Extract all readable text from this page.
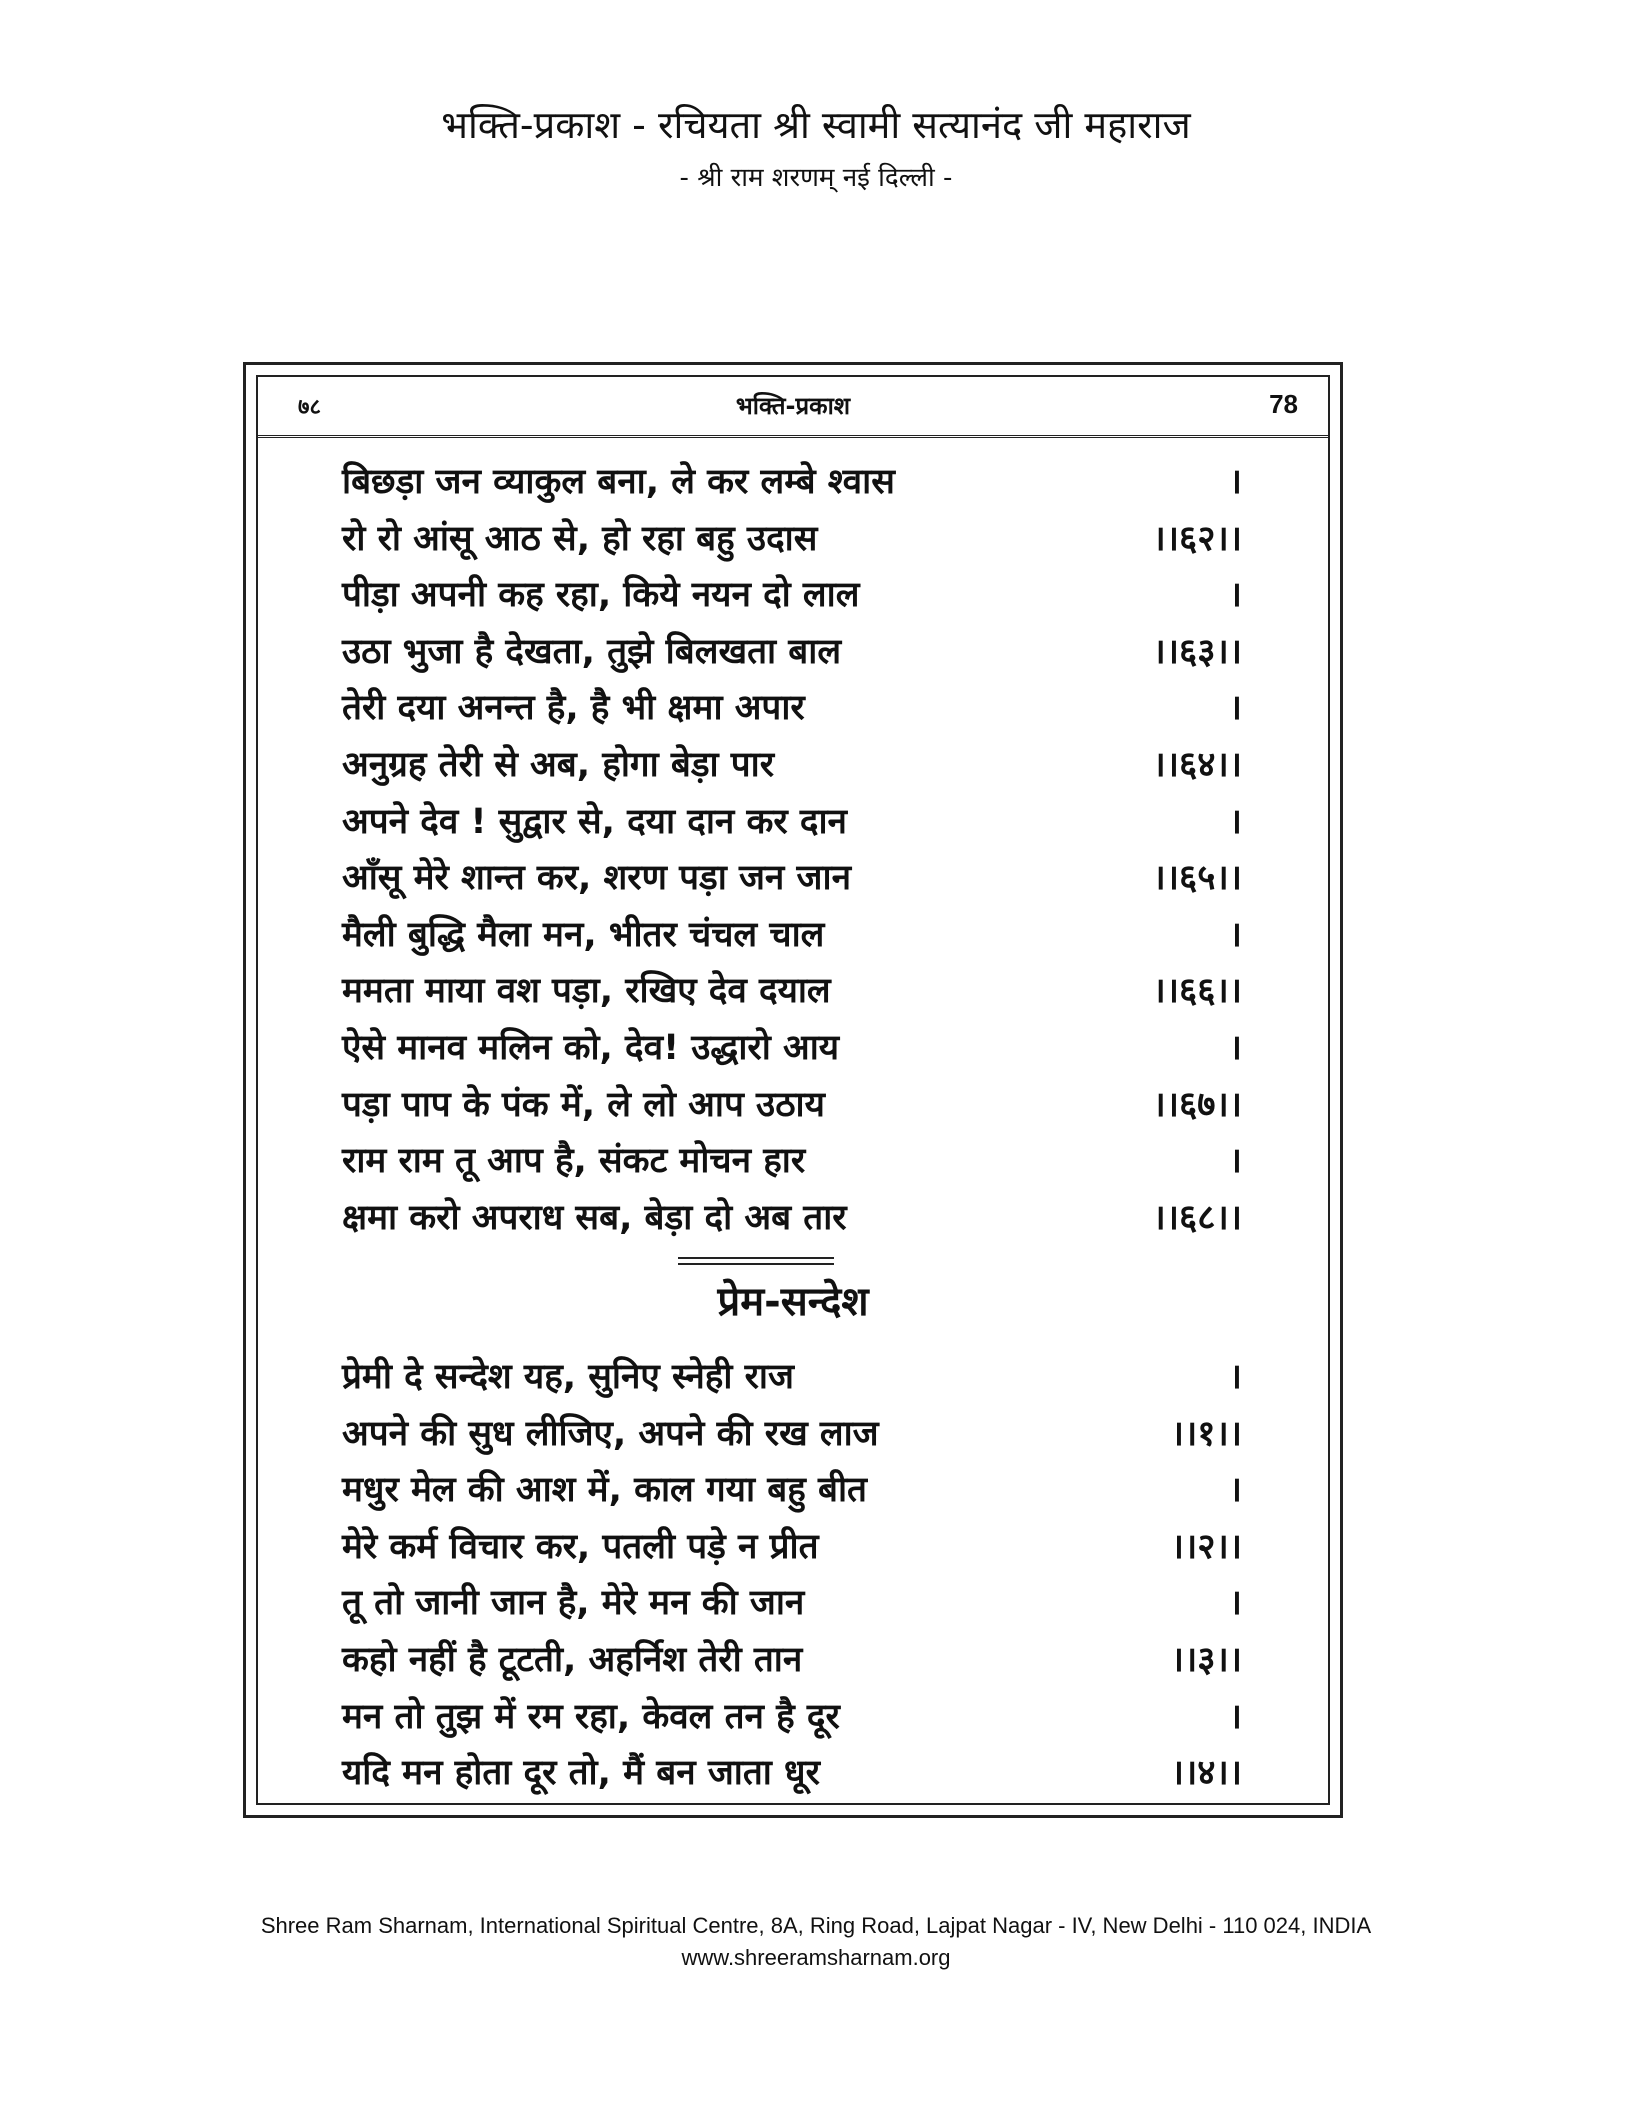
भक्ति-प्रकाश - रचियता श्री स्वामी सत्यानंद जी महाराज
- श्री राम शरणम् नई दिल्ली -
७८	भक्ति-प्रकाश	78
बिछड़ा जन व्याकुल बना, ले कर लम्बे श्वास	।
रो रो आंसू आठ से, हो रहा बहु उदास	।।६२।।
पीड़ा अपनी कह रहा, किये नयन दो लाल	।
उठा भुजा है देखता, तुझे बिलखता बाल	।।६३।।
तेरी दया अनन्त है, है भी क्षमा अपार	।
अनुग्रह तेरी से अब, होगा बेड़ा पार	।।६४।।
अपने देव ! सुद्वार से, दया दान कर दान	।
आँसू मेरे शान्त कर, शरण पड़ा जन जान	।।६५।।
मैली बुद्धि मैला मन, भीतर चंचल चाल	।
ममता माया वश पड़ा, रखिए देव दयाल	।।६६।।
ऐसे मानव मलिन को, देव! उद्धारो आय	।
पड़ा पाप के पंक में, ले लो आप उठाय	।।६७।।
राम राम तू आप है, संकट मोचन हार	।
क्षमा करो अपराध सब, बेड़ा दो अब तार	।।६८।।
प्रेम-सन्देश
प्रेमी दे सन्देश यह, सुनिए स्नेही राज	।
अपने की सुध लीजिए, अपने की रख लाज	।।१।।
मधुर मेल की आश में, काल गया बहु बीत	।
मेरे कर्म विचार कर, पतली पड़े न प्रीत	।।२।।
तू तो जानी जान है, मेरे मन की जान	।
कहो नहीं है टूटती, अहर्निश तेरी तान	।।३।।
मन तो तुझ में रम रहा, केवल तन है दूर	।
यदि मन होता दूर तो, मैं बन जाता धूर	।।४।।
Shree Ram Sharnam, International Spiritual Centre, 8A, Ring Road, Lajpat Nagar - IV, New Delhi - 110 024, INDIA
www.shreeramsharnam.org
